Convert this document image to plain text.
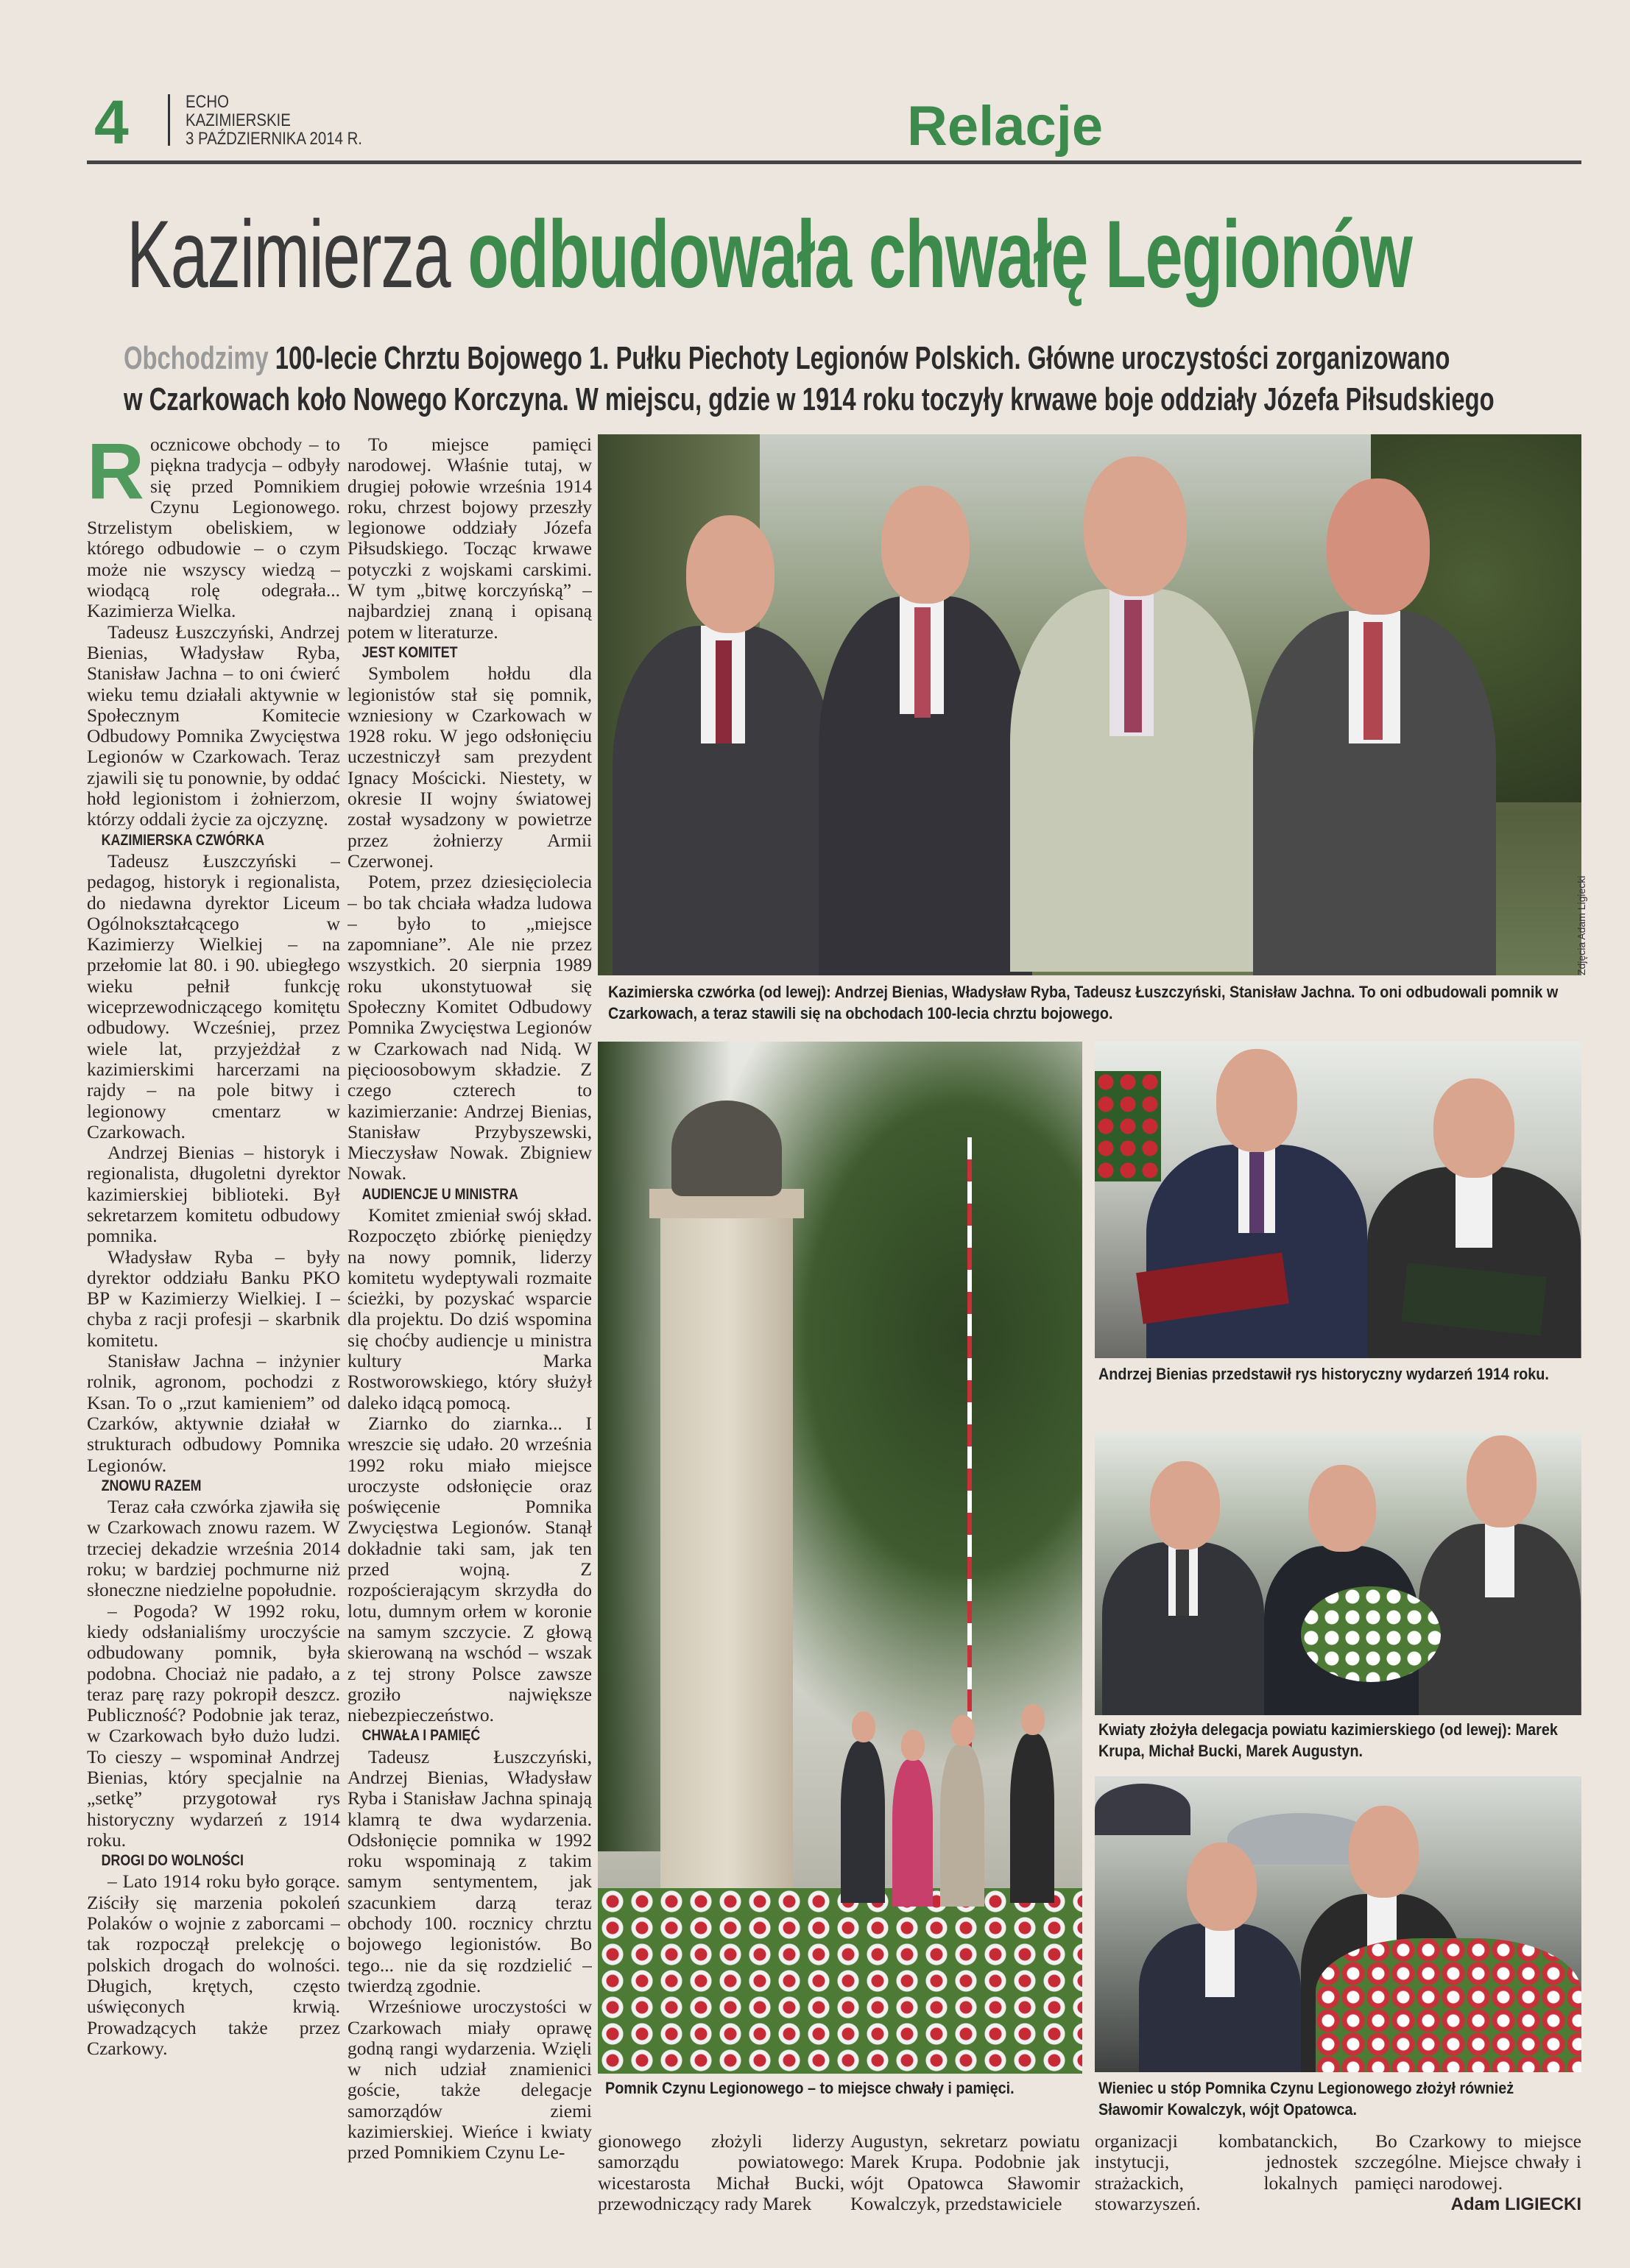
4	ECHO
KAZIMIERSKIE
3 PAŹDZIERNIKA 2014 R.	Relacje
Kazimierza odbudowała chwałę Legionów
Obchodzimy 100-lecie Chrztu Bojowego 1. Pułku Piechoty Legionów Polskich. Główne uroczystości zorganizowano
w Czarkowach koło Nowego Korczyna. W miejscu, gdzie w 1914 roku toczyły krwawe boje oddziały Józefa Piłsudskiego

Rocznicowe obchody – to piękna tradycja – odbyły się przed Pomnikiem Czynu Legionowego. Strzelistym obeliskiem, w którego odbudowie – o czym może nie wszyscy wiedzą – wiodącą rolę odegrała... Kazimierza Wielka.

Tadeusz Łuszczyński, Andrzej Bienias, Władysław Ryba, Stanisław Jachna – to oni ćwierć wieku temu działali aktywnie w Społecznym Komitecie Odbudowy Pomnika Zwycięstwa Legionów w Czarkowach. Teraz zjawili się tu ponownie, by oddać hołd legionistom i żołnierzom, którzy oddali życie za ojczyznę.

KAZIMIERSKA CZWÓRKA

Tadeusz Łuszczyński – pedagog, historyk i regionalista, do niedawna dyrektor Liceum Ogólnokształcącego w Kazimierzy Wielkiej – na przełomie lat 80. i 90. ubiegłego wieku pełnił funkcję wiceprzewodniczącego komitętu odbudowy. Wcześniej, przez wiele lat, przyjeżdżał z kazimierskimi harcerzami na rajdy – na pole bitwy i legionowy cmentarz w Czarkowach.

Andrzej Bienias – historyk i regionalista, długoletni dyrektor kazimierskiej biblioteki. Był sekretarzem komitetu odbudowy pomnika.

Władysław Ryba – były dyrektor oddziału Banku PKO BP w Kazimierzy Wielkiej. I – chyba z racji profesji – skarbnik komitetu.

Stanisław Jachna – inżynier rolnik, agronom, pochodzi z Ksan. To o „rzut kamieniem” od Czarków, aktywnie działał w strukturach odbudowy Pomnika Legionów.

ZNOWU RAZEM

Teraz cała czwórka zjawiła się w Czarkowach znowu razem. W trzeciej dekadzie września 2014 roku; w bardziej pochmurne niż słoneczne niedzielne popołudnie.

– Pogoda? W 1992 roku, kiedy odsłanialiśmy uroczyście odbudowany pomnik, była podobna. Chociaż nie padało, a teraz parę razy pokropił deszcz. Publiczność? Podobnie jak teraz, w Czarkowach było dużo ludzi. To cieszy – wspominał Andrzej Bienias, który specjalnie na „setkę” przygotował rys historyczny wydarzeń z 1914 roku.

DROGI DO WOLNOŚCI

– Lato 1914 roku było gorące. Ziściły się marzenia pokoleń Polaków o wojnie z zaborcami – tak rozpoczął prelekcję o polskich drogach do wolności. Długich, krętych, często uświęconych krwią. Prowadzących także przez Czarkowy.

To miejsce pamięci narodowej. Właśnie tutaj, w drugiej połowie września 1914 roku, chrzest bojowy przeszły legionowe oddziały Józefa Piłsudskiego. Tocząc krwawe potyczki z wojskami carskimi. W tym „bitwę korczyńską” – najbardziej znaną i opisaną potem w literaturze.

JEST KOMITET

Symbolem hołdu dla legionistów stał się pomnik, wzniesiony w Czarkowach w 1928 roku. W jego odsłonięciu uczestniczył sam prezydent Ignacy Mościcki. Niestety, w okresie II wojny światowej został wysadzony w powietrze przez żołnierzy Armii Czerwonej.

Potem, przez dziesięciolecia – bo tak chciała władza ludowa – było to „miejsce zapomniane”. Ale nie przez wszystkich. 20 sierpnia 1989 roku ukonstytuował się Społeczny Komitet Odbudowy Pomnika Zwycięstwa Legionów w Czarkowach nad Nidą. W pięcioosobowym składzie. Z czego czterech to kazimierzanie: Andrzej Bienias, Stanisław Przybyszewski, Mieczysław Nowak. Zbigniew Nowak.

AUDIENCJE U MINISTRA

Komitet zmieniał swój skład. Rozpoczęto zbiórkę pieniędzy na nowy pomnik, liderzy komitetu wydeptywali rozmaite ścieżki, by pozyskać wsparcie dla projektu. Do dziś wspomina się choćby audiencje u ministra kultury Marka Rostworowskiego, który służył daleko idącą pomocą.

Ziarnko do ziarnka... I wreszcie się udało. 20 września 1992 roku miało miejsce uroczyste odsłonięcie oraz poświęcenie Pomnika Zwycięstwa Legionów. Stanął dokładnie taki sam, jak ten przed wojną. Z rozpościerającym skrzydła do lotu, dumnym orłem w koronie na samym szczycie. Z głową skierowaną na wschód – wszak z tej strony Polsce zawsze groziło największe niebezpieczeństwo.

CHWAŁA I PAMIĘĆ

Tadeusz Łuszczyński, Andrzej Bienias, Władysław Ryba i Stanisław Jachna spinają klamrą te dwa wydarzenia. Odsłonięcie pomnika w 1992 roku wspominają z takim samym sentymentem, jak szacunkiem darzą teraz obchody 100. rocznicy chrztu bojowego legionistów. Bo tego... nie da się rozdzielić – twierdzą zgodnie.

Wrześniowe uroczystości w Czarkowach miały oprawę godną rangi wydarzenia. Wzięli w nich udział znamienici goście, także delegacje samorządów ziemi kazimierskiej. Wieńce i kwiaty przed Pomnikiem Czynu Le-

Zdjęcia Adam Ligiecki
Kazimierska czwórka (od lewej): Andrzej Bienias, Władysław Ryba, Tadeusz Łuszczyński, Stanisław Jachna. To oni odbudowali pomnik w Czarkowach, a teraz stawili się na obchodach 100-lecia chrztu bojowego.
Pomnik Czynu Legionowego – to miejsce chwały i pamięci.
Andrzej Bienias przedstawił rys historyczny wydarzeń 1914 roku.
Kwiaty złożyła delegacja powiatu kazimierskiego (od lewej): Marek Krupa, Michał Bucki, Marek Augustyn.
Wieniec u stóp Pomnika Czynu Legionowego złożył również Sławomir Kowalczyk, wójt Opatowca.
gionowego złożyli liderzy samorządu powiatowego: wicestarosta Michał Bucki, przewodniczący rady Marek
Augustyn, sekretarz powiatu Marek Krupa. Podobnie jak wójt Opatowca Sławomir Kowalczyk, przedstawiciele
organizacji kombatanckich, instytucji, jednostek strażackich, lokalnych stowarzyszeń.

Bo Czarkowy to miejsce szczególne. Miejsce chwały i pamięci narodowej.

Adam LIGIECKI
